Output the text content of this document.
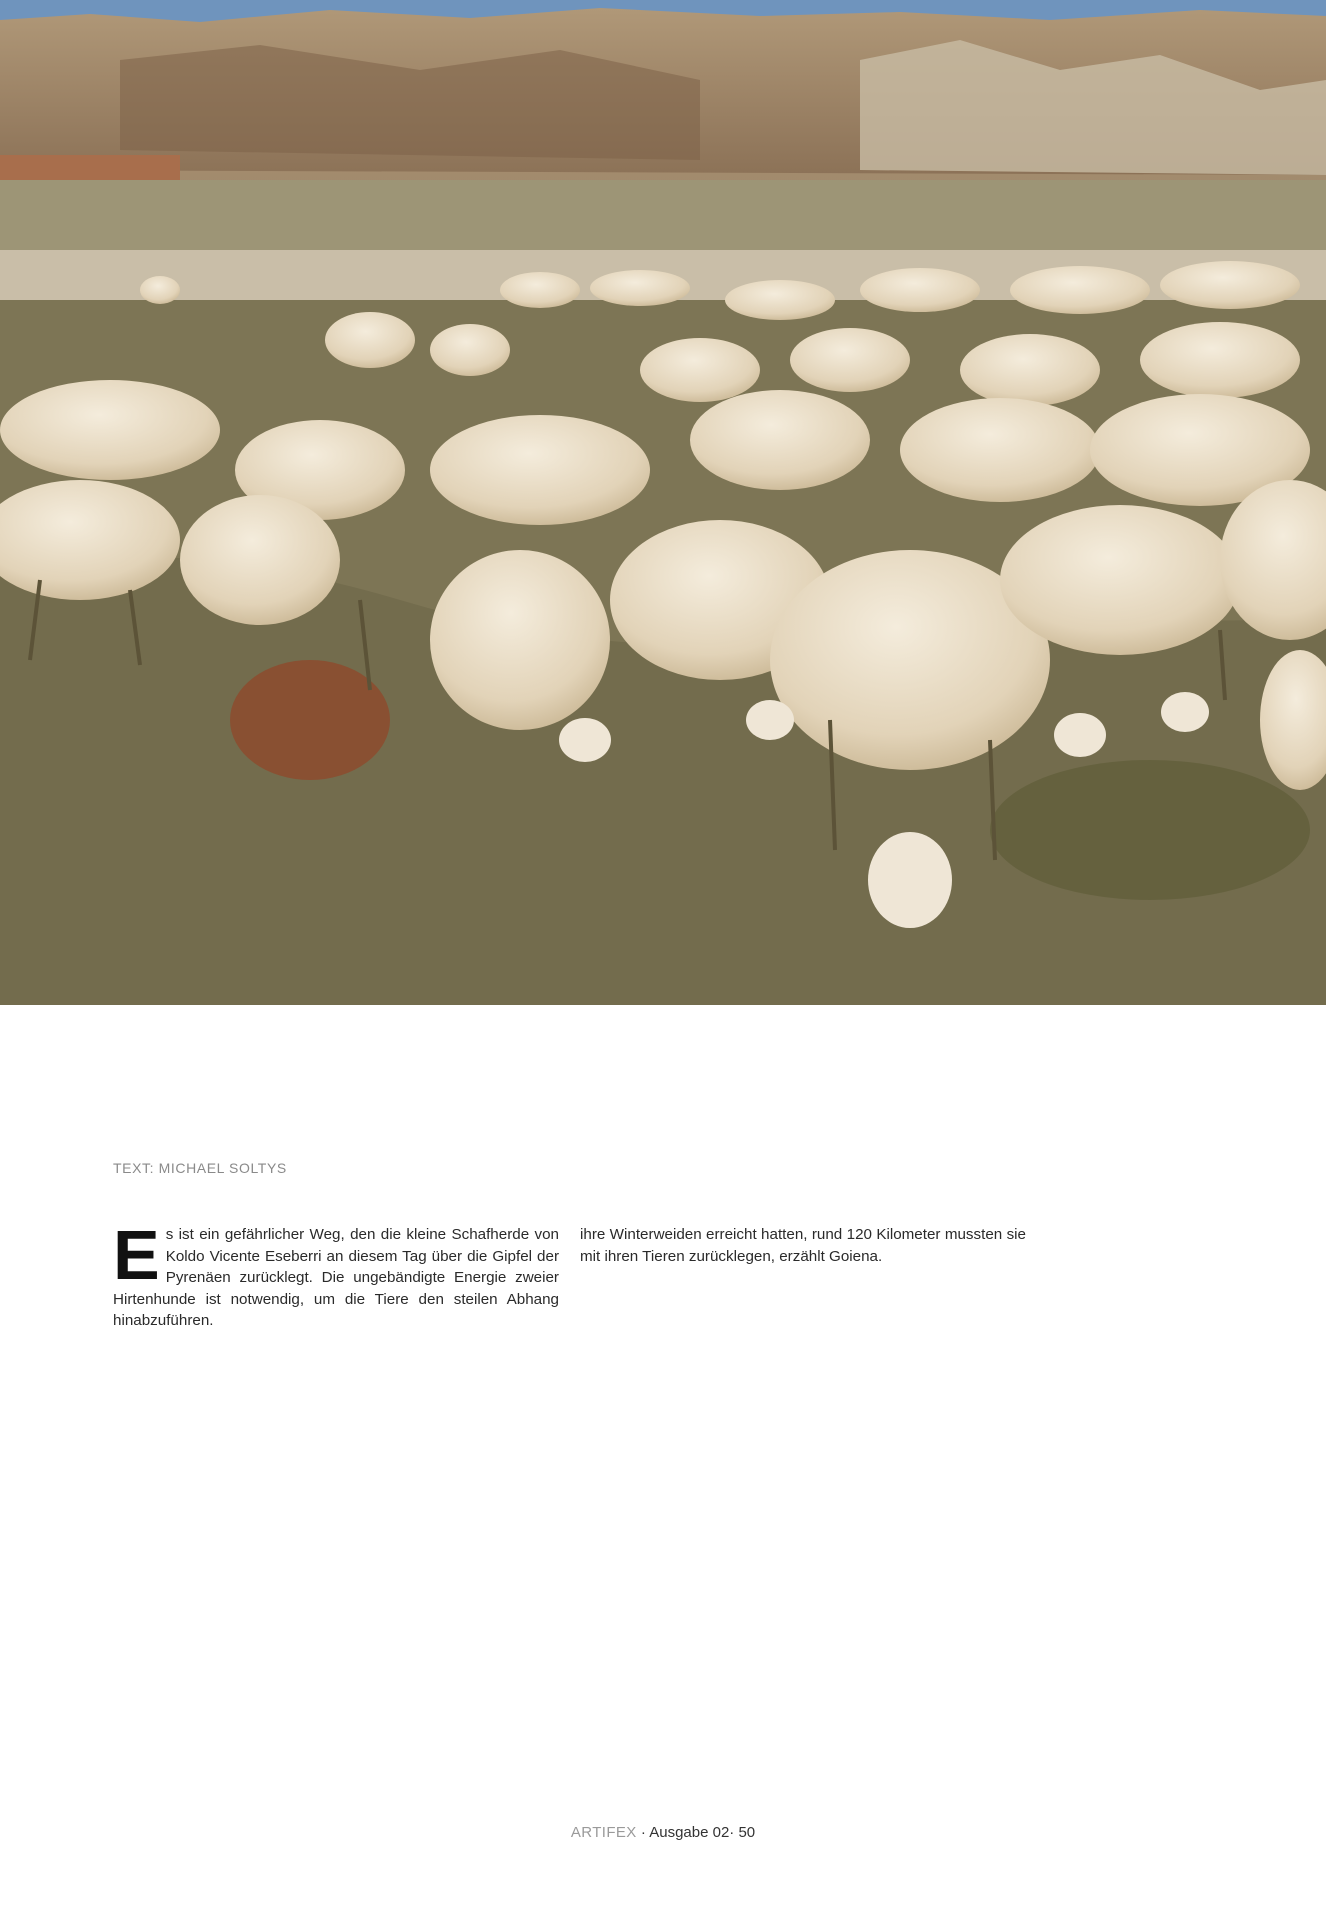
TEXT: MICHAEL SOLTYS

Es ist ein gefährlicher Weg, den die kleine Schafherde von Koldo Vicente Eseberri an diesem Tag über die Gipfel der Pyrenäen zurücklegt. Die ungebändigte Energie zweier Hirtenhunde ist notwendig, um die Tiere den steilen Abhang hinabzuführen.

ihre Winterweiden erreicht hatten, rund 120 Kilometer mussten sie mit ihren Tieren zurücklegen, erzählt Goiena.

ARTIFEX · Ausgabe 02· 50
